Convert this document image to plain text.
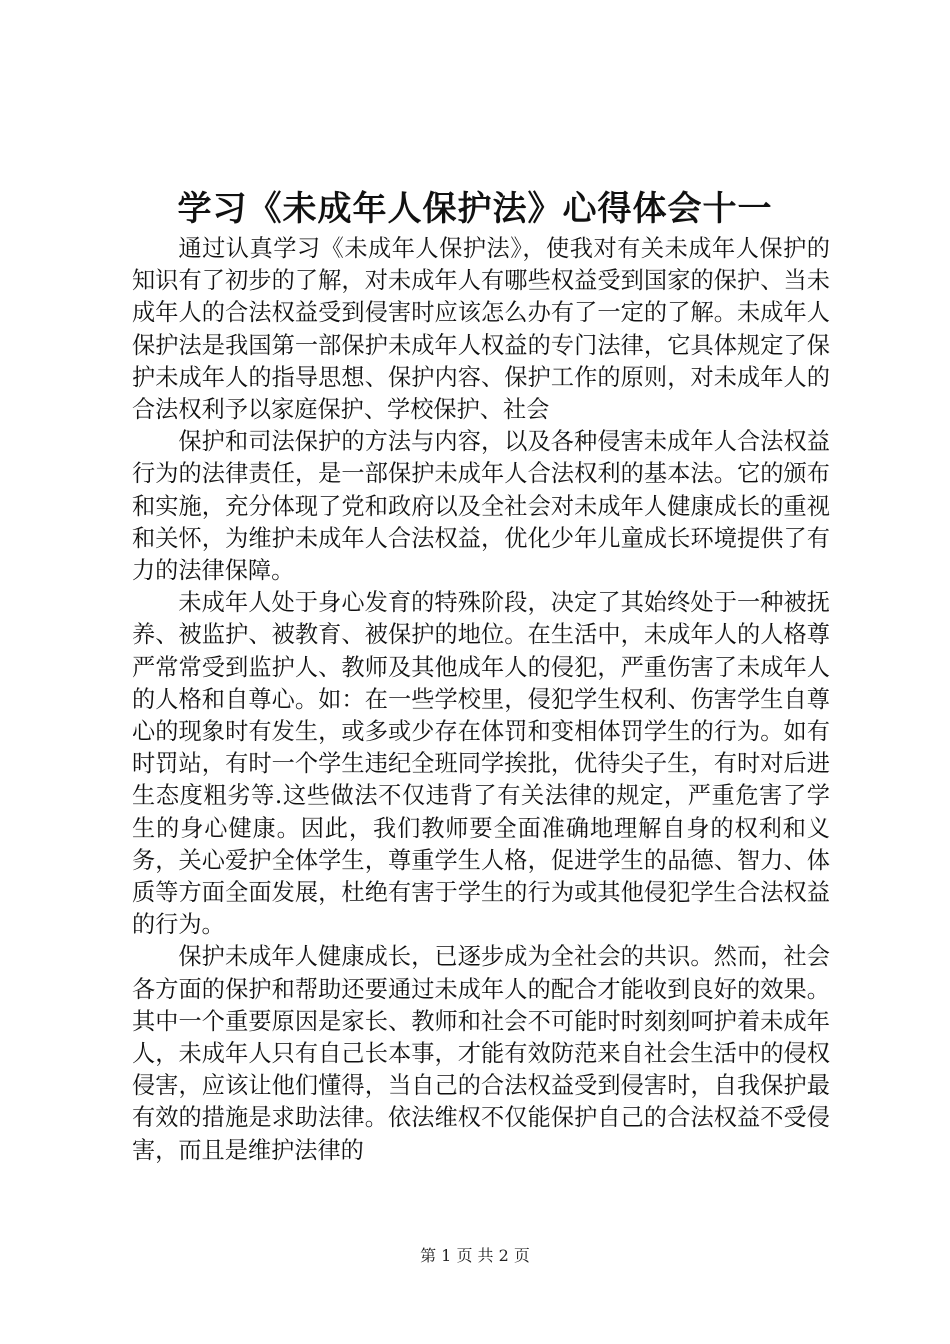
学习《未成年人保护法》心得体会十一

通过认真学习《未成年人保护法》，使我对有关未成年人保护的知识有了初步的了解，对未成年人有哪些权益受到国家的保护、当未成年人的合法权益受到侵害时应该怎么办有了一定的了解。未成年人保护法是我国第一部保护未成年人权益的专门法律，它具体规定了保护未成年人的指导思想、保护内容、保护工作的原则，对未成年人的合法权利予以家庭保护、学校保护、社会

保护和司法保护的方法与内容，以及各种侵害未成年人合法权益行为的法律责任，是一部保护未成年人合法权利的基本法。它的颁布和实施，充分体现了党和政府以及全社会对未成年人健康成长的重视和关怀，为维护未成年人合法权益，优化少年儿童成长环境提供了有力的法律保障。

未成年人处于身心发育的特殊阶段，决定了其始终处于一种被抚养、被监护、被教育、被保护的地位。在生活中，未成年人的人格尊严常常受到监护人、教师及其他成年人的侵犯，严重伤害了未成年人的人格和自尊心。如：在一些学校里，侵犯学生权利、伤害学生自尊心的现象时有发生，或多或少存在体罚和变相体罚学生的行为。如有时罚站，有时一个学生违纪全班同学挨批，优待尖子生，有时对后进生态度粗劣等.这些做法不仅违背了有关法律的规定，严重危害了学生的身心健康。因此，我们教师要全面准确地理解自身的权利和义务，关心爱护全体学生，尊重学生人格，促进学生的品德、智力、体质等方面全面发展，杜绝有害于学生的行为或其他侵犯学生合法权益的行为。

保护未成年人健康成长，已逐步成为全社会的共识。然而，社会各方面的保护和帮助还要通过未成年人的配合才能收到良好的效果。其中一个重要原因是家长、教师和社会不可能时时刻刻呵护着未成年人，未成年人只有自己长本事，才能有效防范来自社会生活中的侵权侵害，应该让他们懂得，当自己的合法权益受到侵害时，自我保护最有效的措施是求助法律。依法维权不仅能保护自己的合法权益不受侵害，而且是维护法律的

第 1 页 共 2 页
